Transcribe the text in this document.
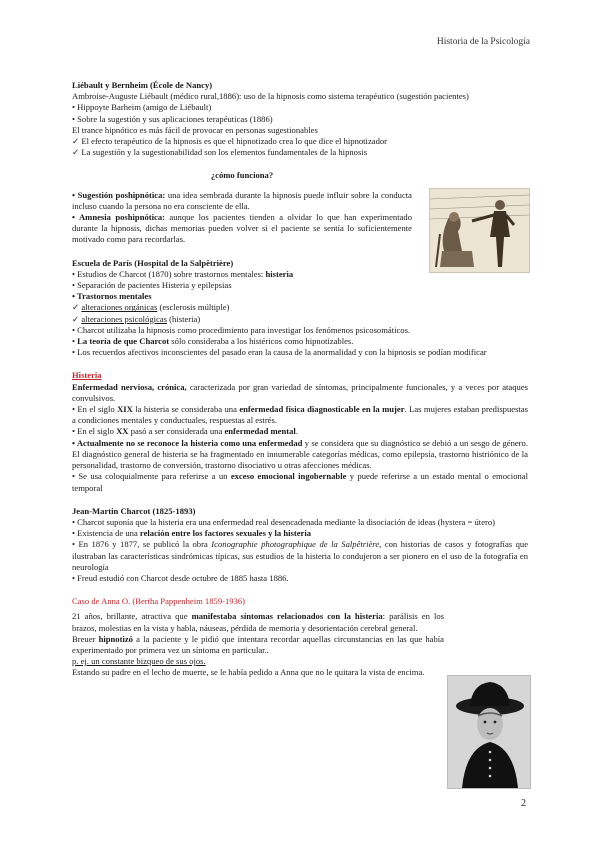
Historia de la Psicología

Liébault y Bernheim (École de Nancy)

Ambroise-Auguste Liébault (médico rural,1886): uso de la hipnosis como sistema terapéutico (sugestión pacientes)

• Hippoyte Barheim (amigo de Liébault)

• Sobre la sugestión y sus aplicaciones terapéuticas (1886)

El trance hipnótico es más fácil de provocar en personas sugestionables

✓ El efecto terapéutico de la hipnosis es que el hipnotizado crea lo que dice el hipnotizador

✓ La sugestión y la sugestionabilidad son los elementos fundamentales de la hipnosis

¿cómo funciona?

• Sugestión poshipnótica: una idea sembrada durante la hipnosis puede influir sobre la conducta incluso cuando la persona no era consciente de ella.

• Amnesia poshipnótica: aunque los pacientes tienden a olvidar lo que han experimentado durante la hipnosis, dichas memorias pueden volver si el paciente se sentía lo suficientemente motivado como para recordarlas.

Escuela de París (Hospital de la Salpêtrière)

• Estudios de Charcot (1870) sobre trastornos mentales: histeria

• Separación de pacientes Histeria y epilepsias

• Trastornos mentales

✓ alteraciones orgánicas (esclerosis múltiple)

✓ alteraciones psicológicas (histeria)

• Charcot utilizaba la hipnosis como procedimiento para investigar los fenómenos psicosomáticos.

• La teoría de que Charcot sólo consideraba a los histéricos como hipnotizables.

• Los recuerdos afectivos inconscientes del pasado eran la causa de la anormalidad y con la hipnosis se podían modificar

Histeria

Enfermedad nerviosa, crónica, caracterizada por gran variedad de síntomas, principalmente funcionales, y a veces por ataques convulsivos.

• En el siglo XIX la histeria se consideraba una enfermedad física diagnosticable en la mujer. Las mujeres estaban predispuestas a condiciones mentales y conductuales, respuestas al estrés.

• En el siglo XX pasó a ser considerada una enfermedad mental.

• Actualmente no se reconoce la histeria como una enfermedad y se considera que su diagnóstico se debió a un sesgo de género. El diagnóstico general de histeria se ha fragmentado en innumerable categorías médicas, como epilepsia, trastorno histriónico de la personalidad, trastorno de conversión, trastorno disociativo u otras afecciones médicas.

• Se usa coloquialmente para referirse a un exceso emocional ingobernable y puede referirse a un estado mental o emocional temporal

Jean-Martin Charcot (1825-1893)

• Charcot suponía que la histeria era una enfermedad real desencadenada mediante la disociación de ideas (hystera = útero)

• Existencia de una relación entre los factores sexuales y la histeria

• En 1876 y 1877, se publicó la obra Iconographie photographique de la Salpêtrière, con historias de casos y fotografías que ilustraban las características sindrómicas típicas, sus estudios de la histeria lo condujeron a ser pionero en el uso de la fotografía en neurología

• Freud estudió con Charcot desde octubre de 1885 hasta 1886.

Caso de Anna O. (Bertha Pappenheim 1859-1936)

21 años, brillante, atractiva que manifestaba síntomas relacionados con la histeria: parálisis en los brazos, molestias en la vista y habla, náuseas, pérdida de memoria y desorientación cerebral general.

Breuer hipnotizó a la paciente y le pidió que intentara recordar aquellas circunstancias en las que había experimentado por primera vez un síntoma en particular..

p. ej. un constante bizqueo de sus ojos.

Estando su padre en el lecho de muerte, se le había pedido a Anna que no le quitara la vista de encima.

2
